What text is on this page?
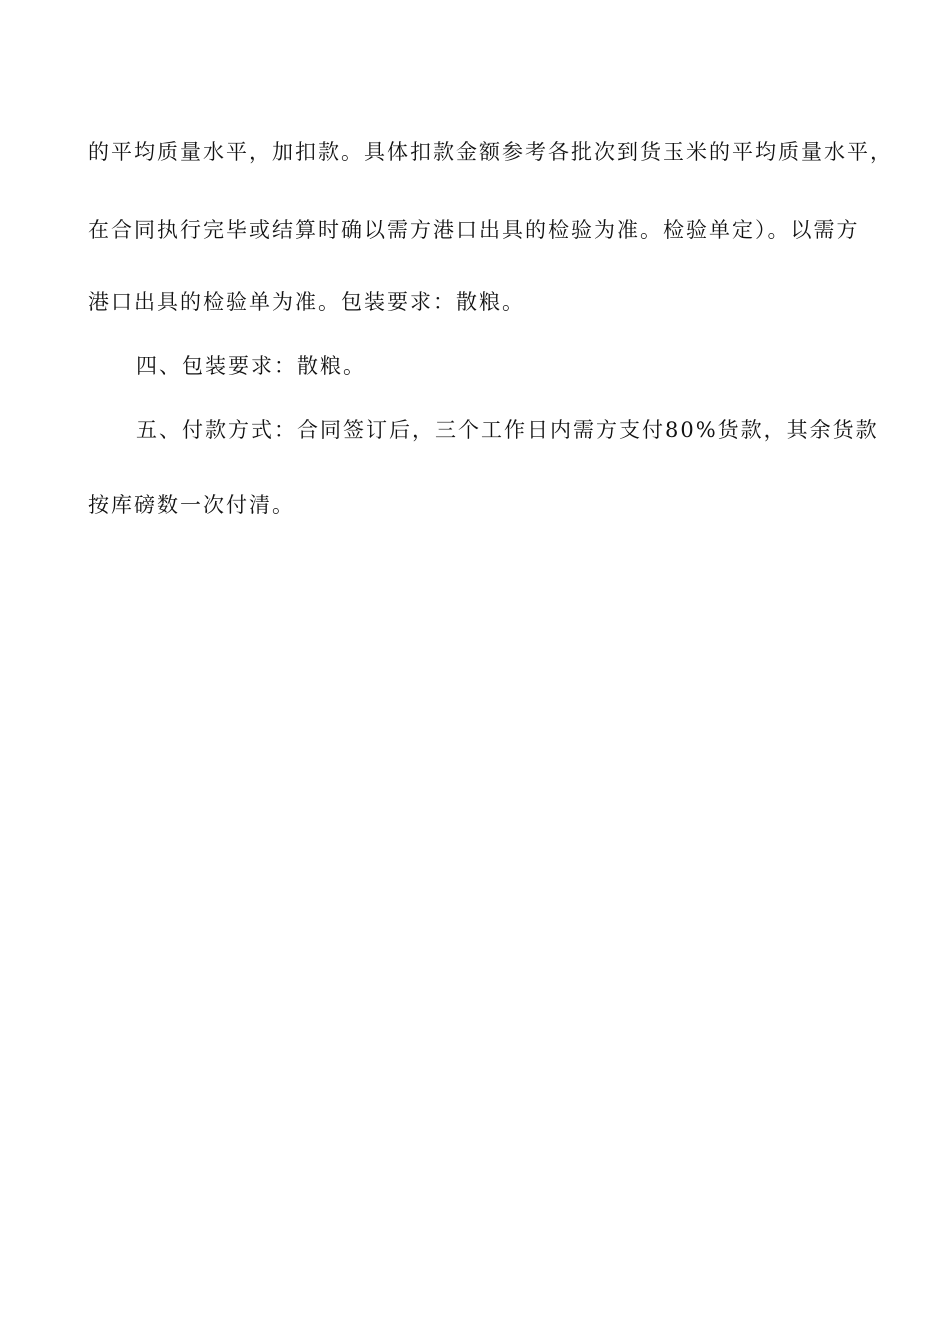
的平均质量水平，加扣款。具体扣款金额参考各批次到货玉米的平均质量水平，
在合同执行完毕或结算时确以需方港口出具的检验为准。检验单定）。以需方
港口出具的检验单为准。包装要求：散粮。
四、包装要求：散粮。
五、付款方式：合同签订后，三个工作日内需方支付80%货款，其余货款
按库磅数一次付清。
